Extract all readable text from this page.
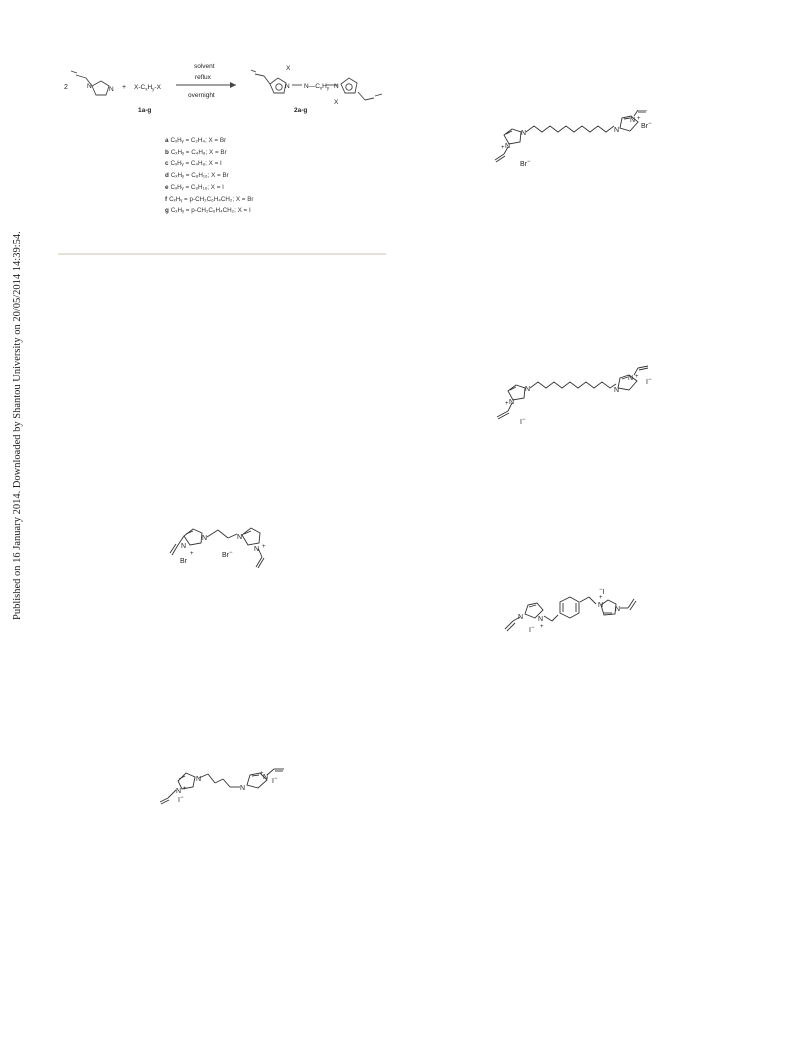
Published on 16 January 2014. Downloaded by Shantou University on 20/05/2014 14:39:54.
2	N	$N + X-C_xH_y-X$
1a-g
solvent
reflux
overnight
X
N $N—C_xH_y$ N
X
2a-g
a CₓHᵧ = C₂H₄; X = Br
b CₓHᵧ = C₄H₈; X = Br
c CₓHᵧ = C₄H₈; X = I
d CₓHᵧ = C₈H₁₆; X = Br
e CₓHᵧ = C₈H₁₆; X = I
f CₓHᵧ = p-CH₂C₆H₄CH₂; X = Br
g CₓHᵧ = p-CH₂C₆H₄CH₂; X = I
N
N
+
N
N +
Br
Br−
N
N +	N
N
+
I−
I−
N
N
+
N
N +
Br−
Br−
N
N
+
N
N +
I−
I−
N N
+
I−
N
+
N
−I
